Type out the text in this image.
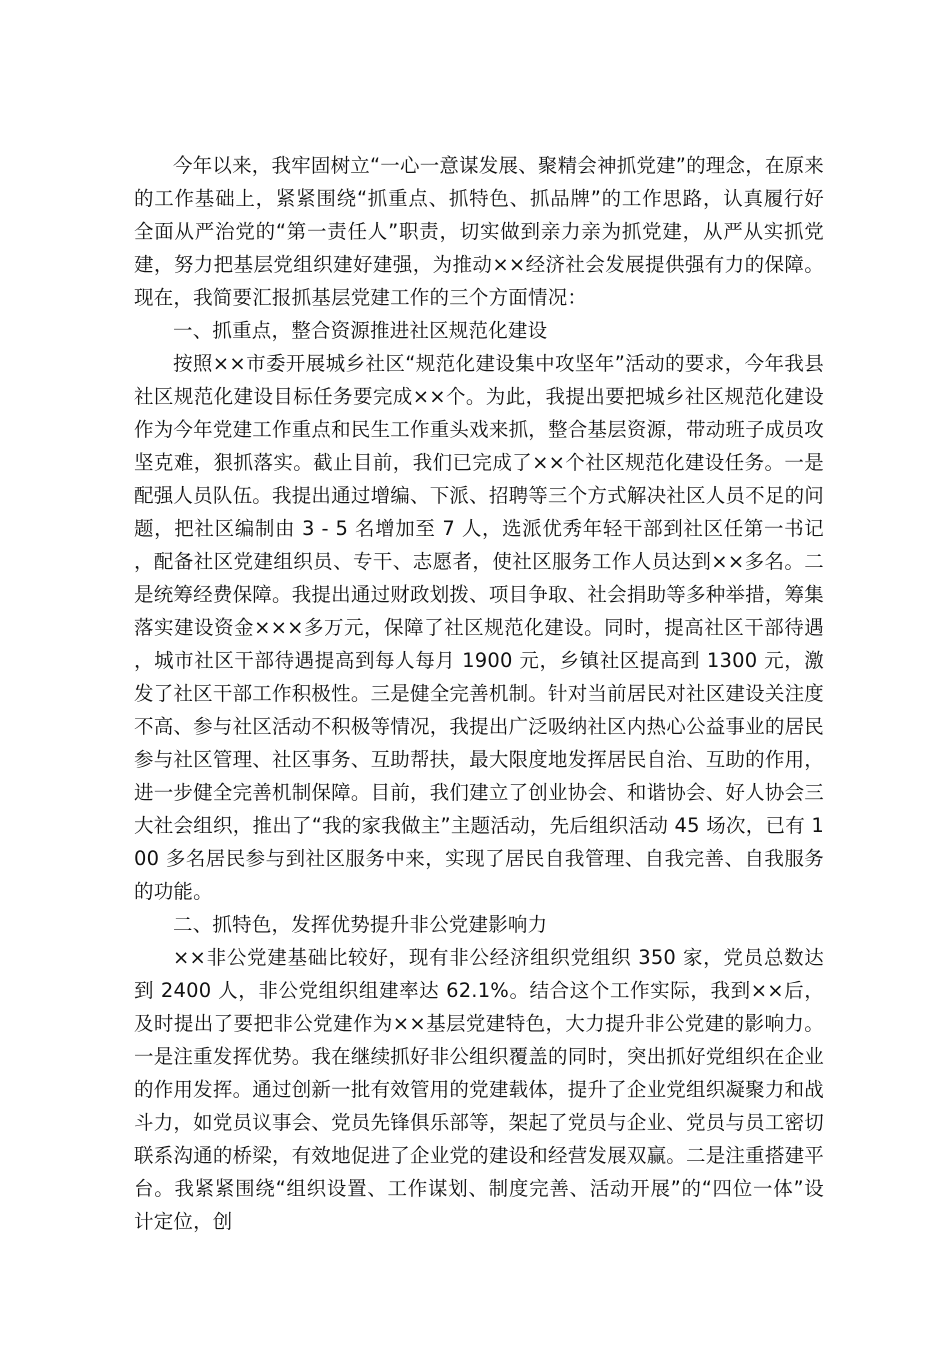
今年以来，我牢固树立“一心一意谋发展、聚精会神抓党建”的理念，在原来的工作基础上，紧紧围绕“抓重点、抓特色、抓品牌”的工作思路，认真履行好全面从严治党的“第一责任人”职责，切实做到亲力亲为抓党建，从严从实抓党建，努力把基层党组织建好建强，为推动××经济社会发展提供强有力的保障。现在，我简要汇报抓基层党建工作的三个方面情况：

一、抓重点，整合资源推进社区规范化建设

按照××市委开展城乡社区“规范化建设集中攻坚年”活动的要求，今年我县社区规范化建设目标任务要完成××个。为此，我提出要把城乡社区规范化建设作为今年党建工作重点和民生工作重头戏来抓，整合基层资源，带动班子成员攻坚克难，狠抓落实。截止目前，我们已完成了××个社区规范化建设任务。一是配强人员队伍。我提出通过增编、下派、招聘等三个方式解决社区人员不足的问题，把社区编制由 3 - 5 名增加至 7 人，选派优秀年轻干部到社区任第一书记，配备社区党建组织员、专干、志愿者，使社区服务工作人员达到××多名。二是统筹经费保障。我提出通过财政划拨、项目争取、社会捐助等多种举措，筹集落实建设资金×××多万元，保障了社区规范化建设。同时，提高社区干部待遇，城市社区干部待遇提高到每人每月 1900 元，乡镇社区提高到 1300 元，激发了社区干部工作积极性。三是健全完善机制。针对当前居民对社区建设关注度不高、参与社区活动不积极等情况，我提出广泛吸纳社区内热心公益事业的居民参与社区管理、社区事务、互助帮扶，最大限度地发挥居民自治、互助的作用，进一步健全完善机制保障。目前，我们建立了创业协会、和谐协会、好人协会三大社会组织，推出了“我的家我做主”主题活动，先后组织活动 45 场次，已有 100 多名居民参与到社区服务中来，实现了居民自我管理、自我完善、自我服务的功能。

二、抓特色，发挥优势提升非公党建影响力

××非公党建基础比较好，现有非公经济组织党组织 350 家，党员总数达到 2400 人，非公党组织组建率达 62.1%。结合这个工作实际，我到××后，及时提出了要把非公党建作为××基层党建特色，大力提升非公党建的影响力。一是注重发挥优势。我在继续抓好非公组织覆盖的同时，突出抓好党组织在企业的作用发挥。通过创新一批有效管用的党建载体，提升了企业党组织凝聚力和战斗力，如党员议事会、党员先锋俱乐部等，架起了党员与企业、党员与员工密切联系沟通的桥梁，有效地促进了企业党的建设和经营发展双赢。二是注重搭建平台。我紧紧围绕“组织设置、工作谋划、制度完善、活动开展”的“四位一体”设计定位，创
